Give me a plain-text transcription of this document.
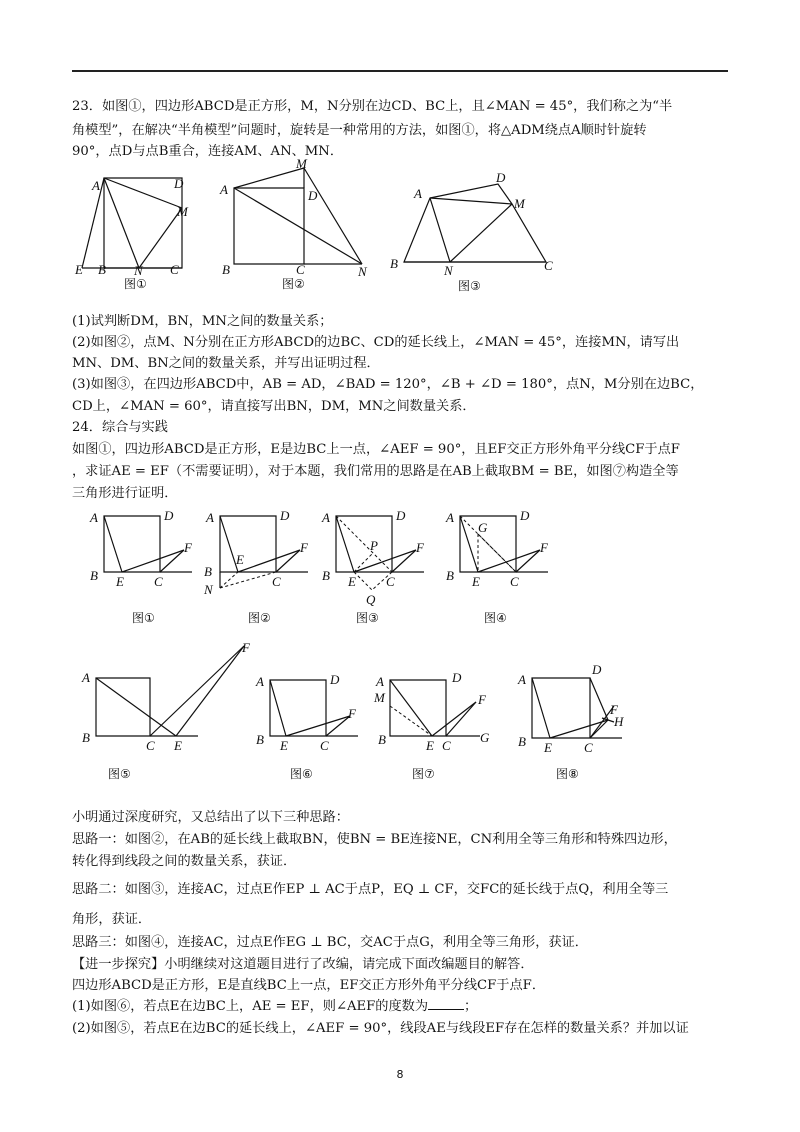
23．如图①，四边形ABCD是正方形，M，N分别在边CD、BC上，且∠MAN = 45°，我们称之为“半
角模型”，在解决“半角模型”问题时，旋转是一种常用的方法，如图①，将△ADM绕点A顺时针旋转
90°，点D与点B重合，连接AM、AN、MN．
A	D
M
E B N C
图①
A
M
D
B	C	N
图②
A
D
M
B	N	C
图③
(1)试判断DM，BN，MN之间的数量关系；
(2)如图②，点M、N分别在正方形ABCD的边BC、CD的延长线上，∠MAN = 45°，连接MN，请写出
MN、DM、BN之间的数量关系，并写出证明过程．
(3)如图③，在四边形ABCD中，AB = AD，∠BAD = 120°，∠B + ∠D = 180°，点N，M分别在边BC，
CD上，∠MAN = 60°，请直接写出BN，DM，MN之间数量关系．
24．综合与实践
如图①，四边形ABCD是正方形，E是边BC上一点，∠AEF = 90°，且EF交正方形外角平分线CF于点F
，求证AE = EF（不需要证明），对于本题，我们常用的思路是在AB上截取BM = BE，如图⑦构造全等
三角形进行证明．
A	D
F
B E C
图①
A	D
F
B
E
C
N
图②
A	D
P	F
B E C
Q
图③
A
G
D
F
B E C
图④
A
F
B
C E
图⑤
A	D
F
B E C
图⑥
A	D
M	F
B	E C
G
图⑦
A
D
F
H
B E C
图⑧
小明通过深度研究，又总结出了以下三种思路：
思路一：如图②，在AB的延长线上截取BN，使BN = BE连接NE，CN利用全等三角形和特殊四边形，
转化得到线段之间的数量关系，获证．
思路二：如图③，连接AC，过点E作EP ⊥ AC于点P，EQ ⊥ CF，交FC的延长线于点Q，利用全等三
角形，获证．
思路三：如图④，连接AC，过点E作EG ⊥ BC，交AC于点G，利用全等三角形，获证．
【进一步探究】小明继续对这道题目进行了改编，请完成下面改编题目的解答．
四边形ABCD是正方形，E是直线BC上一点，EF交正方形外角平分线CF于点F．
(1)如图⑥，若点E在边BC上，AE = EF，则∠AEF的度数为	；
(2)如图⑤，若点E在边BC的延长线上，∠AEF = 90°，线段AE与线段EF存在怎样的数量关系？并加以证
8
